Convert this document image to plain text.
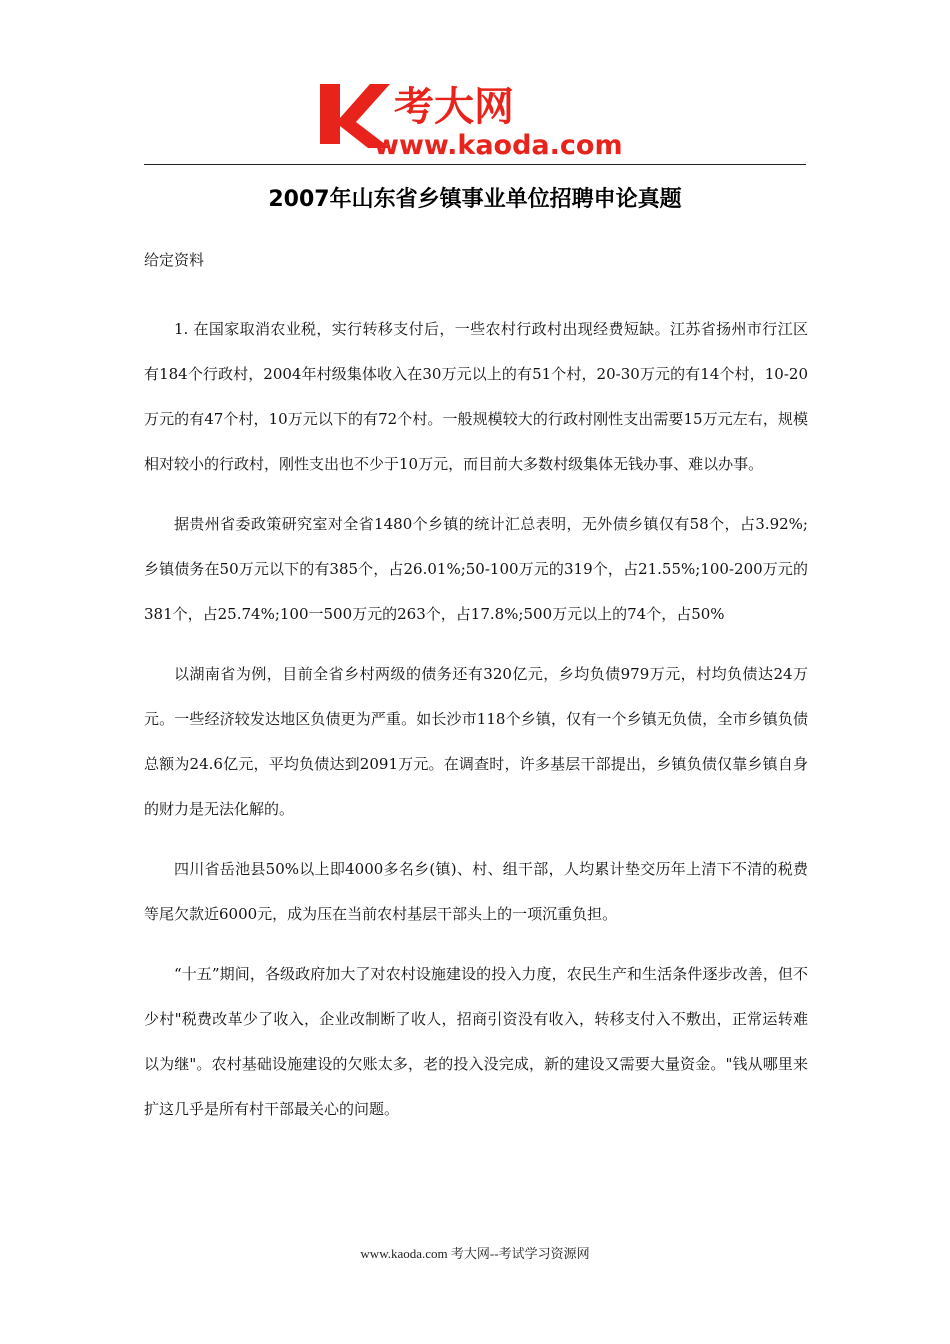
考大网
www.kaoda.com
2007年山东省乡镇事业单位招聘申论真题

给定资料

1. 在国家取消农业税，实行转移支付后，一些农村行政村出现经费短缺。江苏省扬州市行江区有184个行政村，2004年村级集体收入在30万元以上的有51个村，20-30万元的有14个村，10-20万元的有47个村，10万元以下的有72个村。一般规模较大的行政村刚性支出需要15万元左右，规模相对较小的行政村，刚性支出也不少于10万元，而目前大多数村级集体无钱办事、难以办事。

据贵州省委政策研究室对全省1480个乡镇的统计汇总表明，无外债乡镇仅有58个，占3.92%;乡镇债务在50万元以下的有385个，占26.01%;50-100万元的319个，占21.55%;100-200万元的381个，占25.74%;100一500万元的263个，占17.8%;500万元以上的74个，占50%

以湖南省为例，目前全省乡村两级的债务还有320亿元，乡均负债979万元，村均负债达24万元。一些经济较发达地区负债更为严重。如长沙市118个乡镇，仅有一个乡镇无负债，全市乡镇负债总额为24.6亿元，平均负债达到2091万元。在调查时，许多基层干部提出，乡镇负债仅靠乡镇自身的财力是无法化解的。

四川省岳池县50%以上即4000多名乡(镇)、村、组干部，人均累计垫交历年上清下不清的税费等尾欠款近6000元，成为压在当前农村基层干部头上的一项沉重负担。

“十五”期间，各级政府加大了对农村设施建设的投入力度，农民生产和生活条件逐步改善，但不少村"税费改革少了收入，企业改制断了收人，招商引资没有收入，转移支付入不敷出，正常运转难以为继"。农村基础设施建设的欠账太多，老的投入没完成，新的建设又需要大量资金。"钱从哪里来扩这几乎是所有村干部最关心的问题。

www.kaoda.com 考大网--考试学习资源网
